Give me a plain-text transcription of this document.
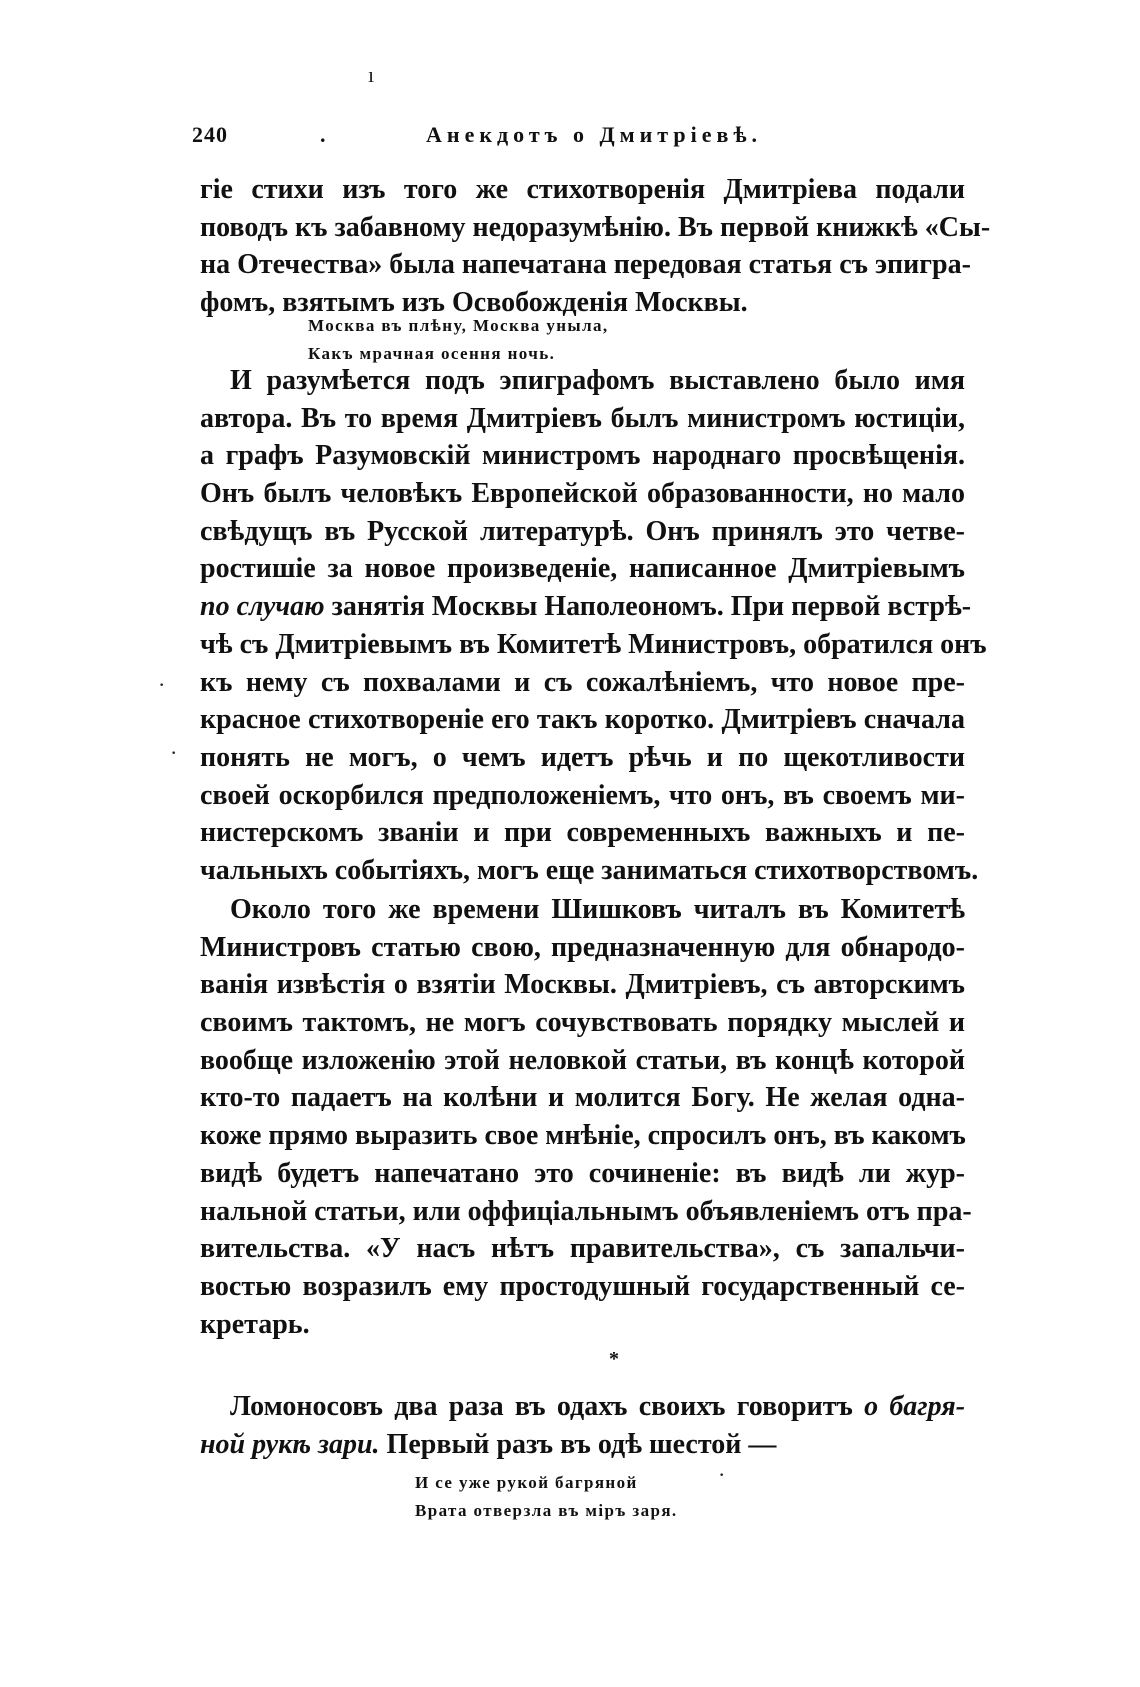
ı
·
·
·
240	.	Анекдотъ о Дмитріевѣ.
гіе стихи изъ того же стихотворенія Дмитріева подали
поводъ къ забавному недоразумѣнію. Въ первой книжкѣ «Сы-
на Отечества» была напечатана передовая статья съ эпигра-
фомъ, взятымъ изъ Освобожденія Москвы.
Москва въ плѣну, Москва уныла,
Какъ мрачная осення ночь.
И разумѣется подъ эпиграфомъ выставлено было имя
автора. Въ то время Дмитріевъ былъ министромъ юстиціи,
а графъ Разумовскій министромъ народнаго просвѣщенія.
Онъ былъ человѣкъ Европейской образованности, но мало
свѣдущъ въ Русской литературѣ. Онъ принялъ это четве-
ростишіе за новое произведеніе, написанное Дмитріевымъ
по случаю занятія Москвы Наполеономъ. При первой встрѣ-
чѣ съ Дмитріевымъ въ Комитетѣ Министровъ, обратился онъ
къ нему съ похвалами и съ сожалѣніемъ, что новое пре-
красное стихотвореніе его такъ коротко. Дмитріевъ сначала
понять не могъ, о чемъ идетъ рѣчь и по щекотливости
своей оскорбился предположеніемъ, что онъ, въ своемъ ми-
нистерскомъ званіи и при современныхъ важныхъ и пе-
чальныхъ событіяхъ, могъ еще заниматься стихотворствомъ.
Около того же времени Шишковъ читалъ въ Комитетѣ
Министровъ статью свою, предназначенную для обнародо-
ванія извѣстія о взятіи Москвы. Дмитріевъ, съ авторскимъ
своимъ тактомъ, не могъ сочувствовать порядку мыслей и
вообще изложенію этой неловкой статьи, въ концѣ которой
кто-то падаетъ на колѣни и молится Богу. Не желая одна-
коже прямо выразить свое мнѣніе, спросилъ онъ, въ какомъ
видѣ будетъ напечатано это сочиненіе: въ видѣ ли жур-
нальной статьи, или оффиціальнымъ объявленіемъ отъ пра-
вительства. «У насъ нѣтъ правительства», съ запальчи-
востью возразилъ ему простодушный государственный се-
кретарь.
*
Ломоносовъ два раза въ одахъ своихъ говоритъ о багря-
ной рукѣ зари. Первый разъ въ одѣ шестой —
И се уже рукой багряной
Врата отверзла въ міръ заря.
